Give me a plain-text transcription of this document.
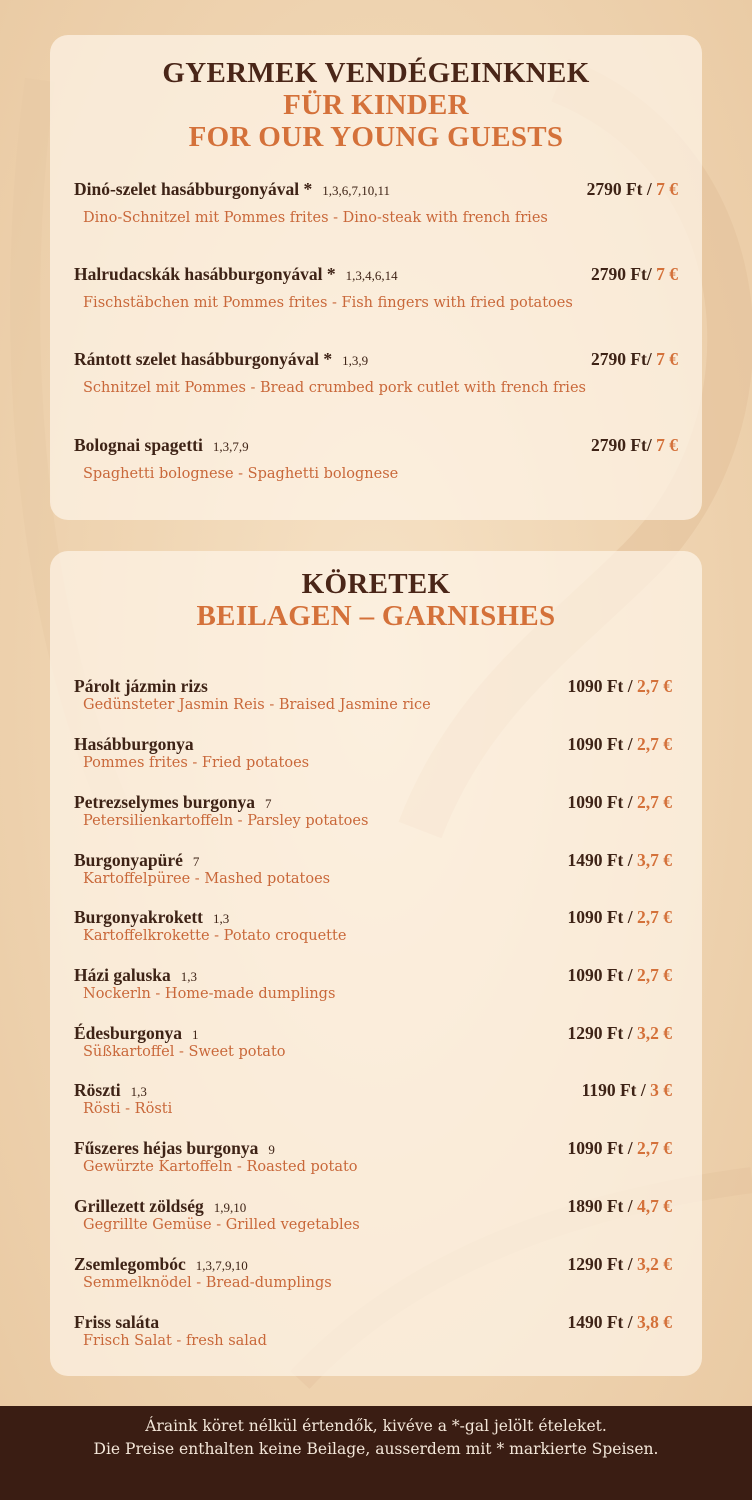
GYERMEK VENDÉGEINKNEK
FÜR KINDER
FOR OUR YOUNG GUESTS
Dinó-szelet hasábburgonyával * 1,3,6,7,10,11	2790 Ft / 7 €
Dino-Schnitzel mit Pommes frites - Dino-steak with french fries
Halrudacskák hasábburgonyával * 1,3,4,6,14	2790 Ft/ 7 €
Fischstäbchen mit Pommes frites - Fish fingers with fried potatoes
Rántott szelet hasábburgonyával * 1,3,9	2790 Ft/ 7 €
Schnitzel mit Pommes - Bread crumbed pork cutlet with french fries
Bolognai spagetti 1,3,7,9	2790 Ft/ 7 €
Spaghetti bolognese - Spaghetti bolognese
KÖRETEK
BEILAGEN – GARNISHES
Párolt jázmin rizs	1090 Ft / 2,7 €
Gedünsteter Jasmin Reis - Braised Jasmine rice
Hasábburgonya	1090 Ft / 2,7 €
Pommes frites - Fried potatoes
Petrezselymes burgonya 7	1090 Ft / 2,7 €
Petersilienkartoffeln - Parsley potatoes
Burgonyapüré 7	1490 Ft / 3,7 €
Kartoffelpüree - Mashed potatoes
Burgonyakrokett 1,3	1090 Ft / 2,7 €
Kartoffelkrokette - Potato croquette
Házi galuska 1,3	1090 Ft / 2,7 €
Nockerln - Home-made dumplings
Édesburgonya 1	1290 Ft / 3,2 €
Süßkartoffel - Sweet potato
Röszti 1,3	1190 Ft / 3 €
Rösti - Rösti
Fűszeres héjas burgonya 9	1090 Ft / 2,7 €
Gewürzte Kartoffeln - Roasted potato
Grillezett zöldség 1,9,10	1890 Ft / 4,7 €
Gegrillte Gemüse - Grilled vegetables
Zsemlegombóc 1,3,7,9,10	1290 Ft / 3,2 €
Semmelknödel - Bread-dumplings
Friss saláta	1490 Ft / 3,8 €
Frisch Salat - fresh salad
Áraink köret nélkül értendők, kivéve a *-gal jelölt ételeket.
Die Preise enthalten keine Beilage, ausserdem mit * markierte Speisen.
